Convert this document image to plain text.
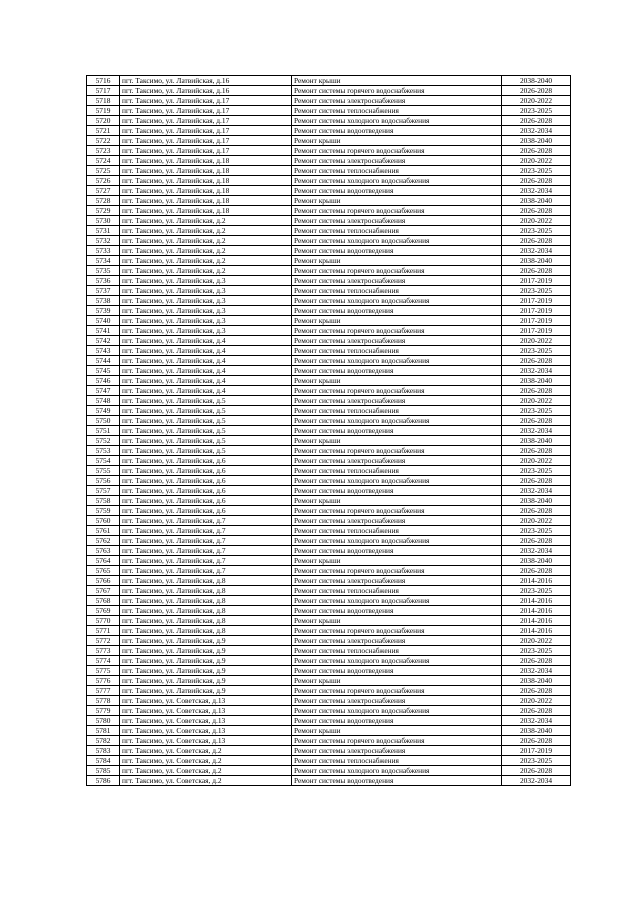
5716	пгт. Таксимо, ул. Латвийская, д.16	Ремонт крыши	2038-2040
5717	пгт. Таксимо, ул. Латвийская, д.16	Ремонт системы горячего водоснабжения	2026-2028
5718	пгт. Таксимо, ул. Латвийская, д.17	Ремонт системы электроснабжения	2020-2022
5719	пгт. Таксимо, ул. Латвийская, д.17	Ремонт системы теплоснабжения	2023-2025
5720	пгт. Таксимо, ул. Латвийская, д.17	Ремонт системы холодного водоснабжения	2026-2028
5721	пгт. Таксимо, ул. Латвийская, д.17	Ремонт системы водоотведения	2032-2034
5722	пгт. Таксимо, ул. Латвийская, д.17	Ремонт крыши	2038-2040
5723	пгт. Таксимо, ул. Латвийская, д.17	Ремонт системы горячего водоснабжения	2026-2028
5724	пгт. Таксимо, ул. Латвийская, д.18	Ремонт системы электроснабжения	2020-2022
5725	пгт. Таксимо, ул. Латвийская, д.18	Ремонт системы теплоснабжения	2023-2025
5726	пгт. Таксимо, ул. Латвийская, д.18	Ремонт системы холодного водоснабжения	2026-2028
5727	пгт. Таксимо, ул. Латвийская, д.18	Ремонт системы водоотведения	2032-2034
5728	пгт. Таксимо, ул. Латвийская, д.18	Ремонт крыши	2038-2040
5729	пгт. Таксимо, ул. Латвийская, д.18	Ремонт системы горячего водоснабжения	2026-2028
5730	пгт. Таксимо, ул. Латвийская, д.2	Ремонт системы электроснабжения	2020-2022
5731	пгт. Таксимо, ул. Латвийская, д.2	Ремонт системы теплоснабжения	2023-2025
5732	пгт. Таксимо, ул. Латвийская, д.2	Ремонт системы холодного водоснабжения	2026-2028
5733	пгт. Таксимо, ул. Латвийская, д.2	Ремонт системы водоотведения	2032-2034
5734	пгт. Таксимо, ул. Латвийская, д.2	Ремонт крыши	2038-2040
5735	пгт. Таксимо, ул. Латвийская, д.2	Ремонт системы горячего водоснабжения	2026-2028
5736	пгт. Таксимо, ул. Латвийская, д.3	Ремонт системы электроснабжения	2017-2019
5737	пгт. Таксимо, ул. Латвийская, д.3	Ремонт системы теплоснабжения	2023-2025
5738	пгт. Таксимо, ул. Латвийская, д.3	Ремонт системы холодного водоснабжения	2017-2019
5739	пгт. Таксимо, ул. Латвийская, д.3	Ремонт системы водоотведения	2017-2019
5740	пгт. Таксимо, ул. Латвийская, д.3	Ремонт крыши	2017-2019
5741	пгт. Таксимо, ул. Латвийская, д.3	Ремонт системы горячего водоснабжения	2017-2019
5742	пгт. Таксимо, ул. Латвийская, д.4	Ремонт системы электроснабжения	2020-2022
5743	пгт. Таксимо, ул. Латвийская, д.4	Ремонт системы теплоснабжения	2023-2025
5744	пгт. Таксимо, ул. Латвийская, д.4	Ремонт системы холодного водоснабжения	2026-2028
5745	пгт. Таксимо, ул. Латвийская, д.4	Ремонт системы водоотведения	2032-2034
5746	пгт. Таксимо, ул. Латвийская, д.4	Ремонт крыши	2038-2040
5747	пгт. Таксимо, ул. Латвийская, д.4	Ремонт системы горячего водоснабжения	2026-2028
5748	пгт. Таксимо, ул. Латвийская, д.5	Ремонт системы электроснабжения	2020-2022
5749	пгт. Таксимо, ул. Латвийская, д.5	Ремонт системы теплоснабжения	2023-2025
5750	пгт. Таксимо, ул. Латвийская, д.5	Ремонт системы холодного водоснабжения	2026-2028
5751	пгт. Таксимо, ул. Латвийская, д.5	Ремонт системы водоотведения	2032-2034
5752	пгт. Таксимо, ул. Латвийская, д.5	Ремонт крыши	2038-2040
5753	пгт. Таксимо, ул. Латвийская, д.5	Ремонт системы горячего водоснабжения	2026-2028
5754	пгт. Таксимо, ул. Латвийская, д.6	Ремонт системы электроснабжения	2020-2022
5755	пгт. Таксимо, ул. Латвийская, д.6	Ремонт системы теплоснабжения	2023-2025
5756	пгт. Таксимо, ул. Латвийская, д.6	Ремонт системы холодного водоснабжения	2026-2028
5757	пгт. Таксимо, ул. Латвийская, д.6	Ремонт системы водоотведения	2032-2034
5758	пгт. Таксимо, ул. Латвийская, д.6	Ремонт крыши	2038-2040
5759	пгт. Таксимо, ул. Латвийская, д.6	Ремонт системы горячего водоснабжения	2026-2028
5760	пгт. Таксимо, ул. Латвийская, д.7	Ремонт системы электроснабжения	2020-2022
5761	пгт. Таксимо, ул. Латвийская, д.7	Ремонт системы теплоснабжения	2023-2025
5762	пгт. Таксимо, ул. Латвийская, д.7	Ремонт системы холодного водоснабжения	2026-2028
5763	пгт. Таксимо, ул. Латвийская, д.7	Ремонт системы водоотведения	2032-2034
5764	пгт. Таксимо, ул. Латвийская, д.7	Ремонт крыши	2038-2040
5765	пгт. Таксимо, ул. Латвийская, д.7	Ремонт системы горячего водоснабжения	2026-2028
5766	пгт. Таксимо, ул. Латвийская, д.8	Ремонт системы электроснабжения	2014-2016
5767	пгт. Таксимо, ул. Латвийская, д.8	Ремонт системы теплоснабжения	2023-2025
5768	пгт. Таксимо, ул. Латвийская, д.8	Ремонт системы холодного водоснабжения	2014-2016
5769	пгт. Таксимо, ул. Латвийская, д.8	Ремонт системы водоотведения	2014-2016
5770	пгт. Таксимо, ул. Латвийская, д.8	Ремонт крыши	2014-2016
5771	пгт. Таксимо, ул. Латвийская, д.8	Ремонт системы горячего водоснабжения	2014-2016
5772	пгт. Таксимо, ул. Латвийская, д.9	Ремонт системы электроснабжения	2020-2022
5773	пгт. Таксимо, ул. Латвийская, д.9	Ремонт системы теплоснабжения	2023-2025
5774	пгт. Таксимо, ул. Латвийская, д.9	Ремонт системы холодного водоснабжения	2026-2028
5775	пгт. Таксимо, ул. Латвийская, д.9	Ремонт системы водоотведения	2032-2034
5776	пгт. Таксимо, ул. Латвийская, д.9	Ремонт крыши	2038-2040
5777	пгт. Таксимо, ул. Латвийская, д.9	Ремонт системы горячего водоснабжения	2026-2028
5778	пгт. Таксимо, ул. Советская, д.13	Ремонт системы электроснабжения	2020-2022
5779	пгт. Таксимо, ул. Советская, д.13	Ремонт системы холодного водоснабжения	2026-2028
5780	пгт. Таксимо, ул. Советская, д.13	Ремонт системы водоотведения	2032-2034
5781	пгт. Таксимо, ул. Советская, д.13	Ремонт крыши	2038-2040
5782	пгт. Таксимо, ул. Советская, д.13	Ремонт системы горячего водоснабжения	2026-2028
5783	пгт. Таксимо, ул. Советская, д.2	Ремонт системы электроснабжения	2017-2019
5784	пгт. Таксимо, ул. Советская, д.2	Ремонт системы теплоснабжения	2023-2025
5785	пгт. Таксимо, ул. Советская, д.2	Ремонт системы холодного водоснабжения	2026-2028
5786	пгт. Таксимо, ул. Советская, д.2	Ремонт системы водоотведения	2032-2034
